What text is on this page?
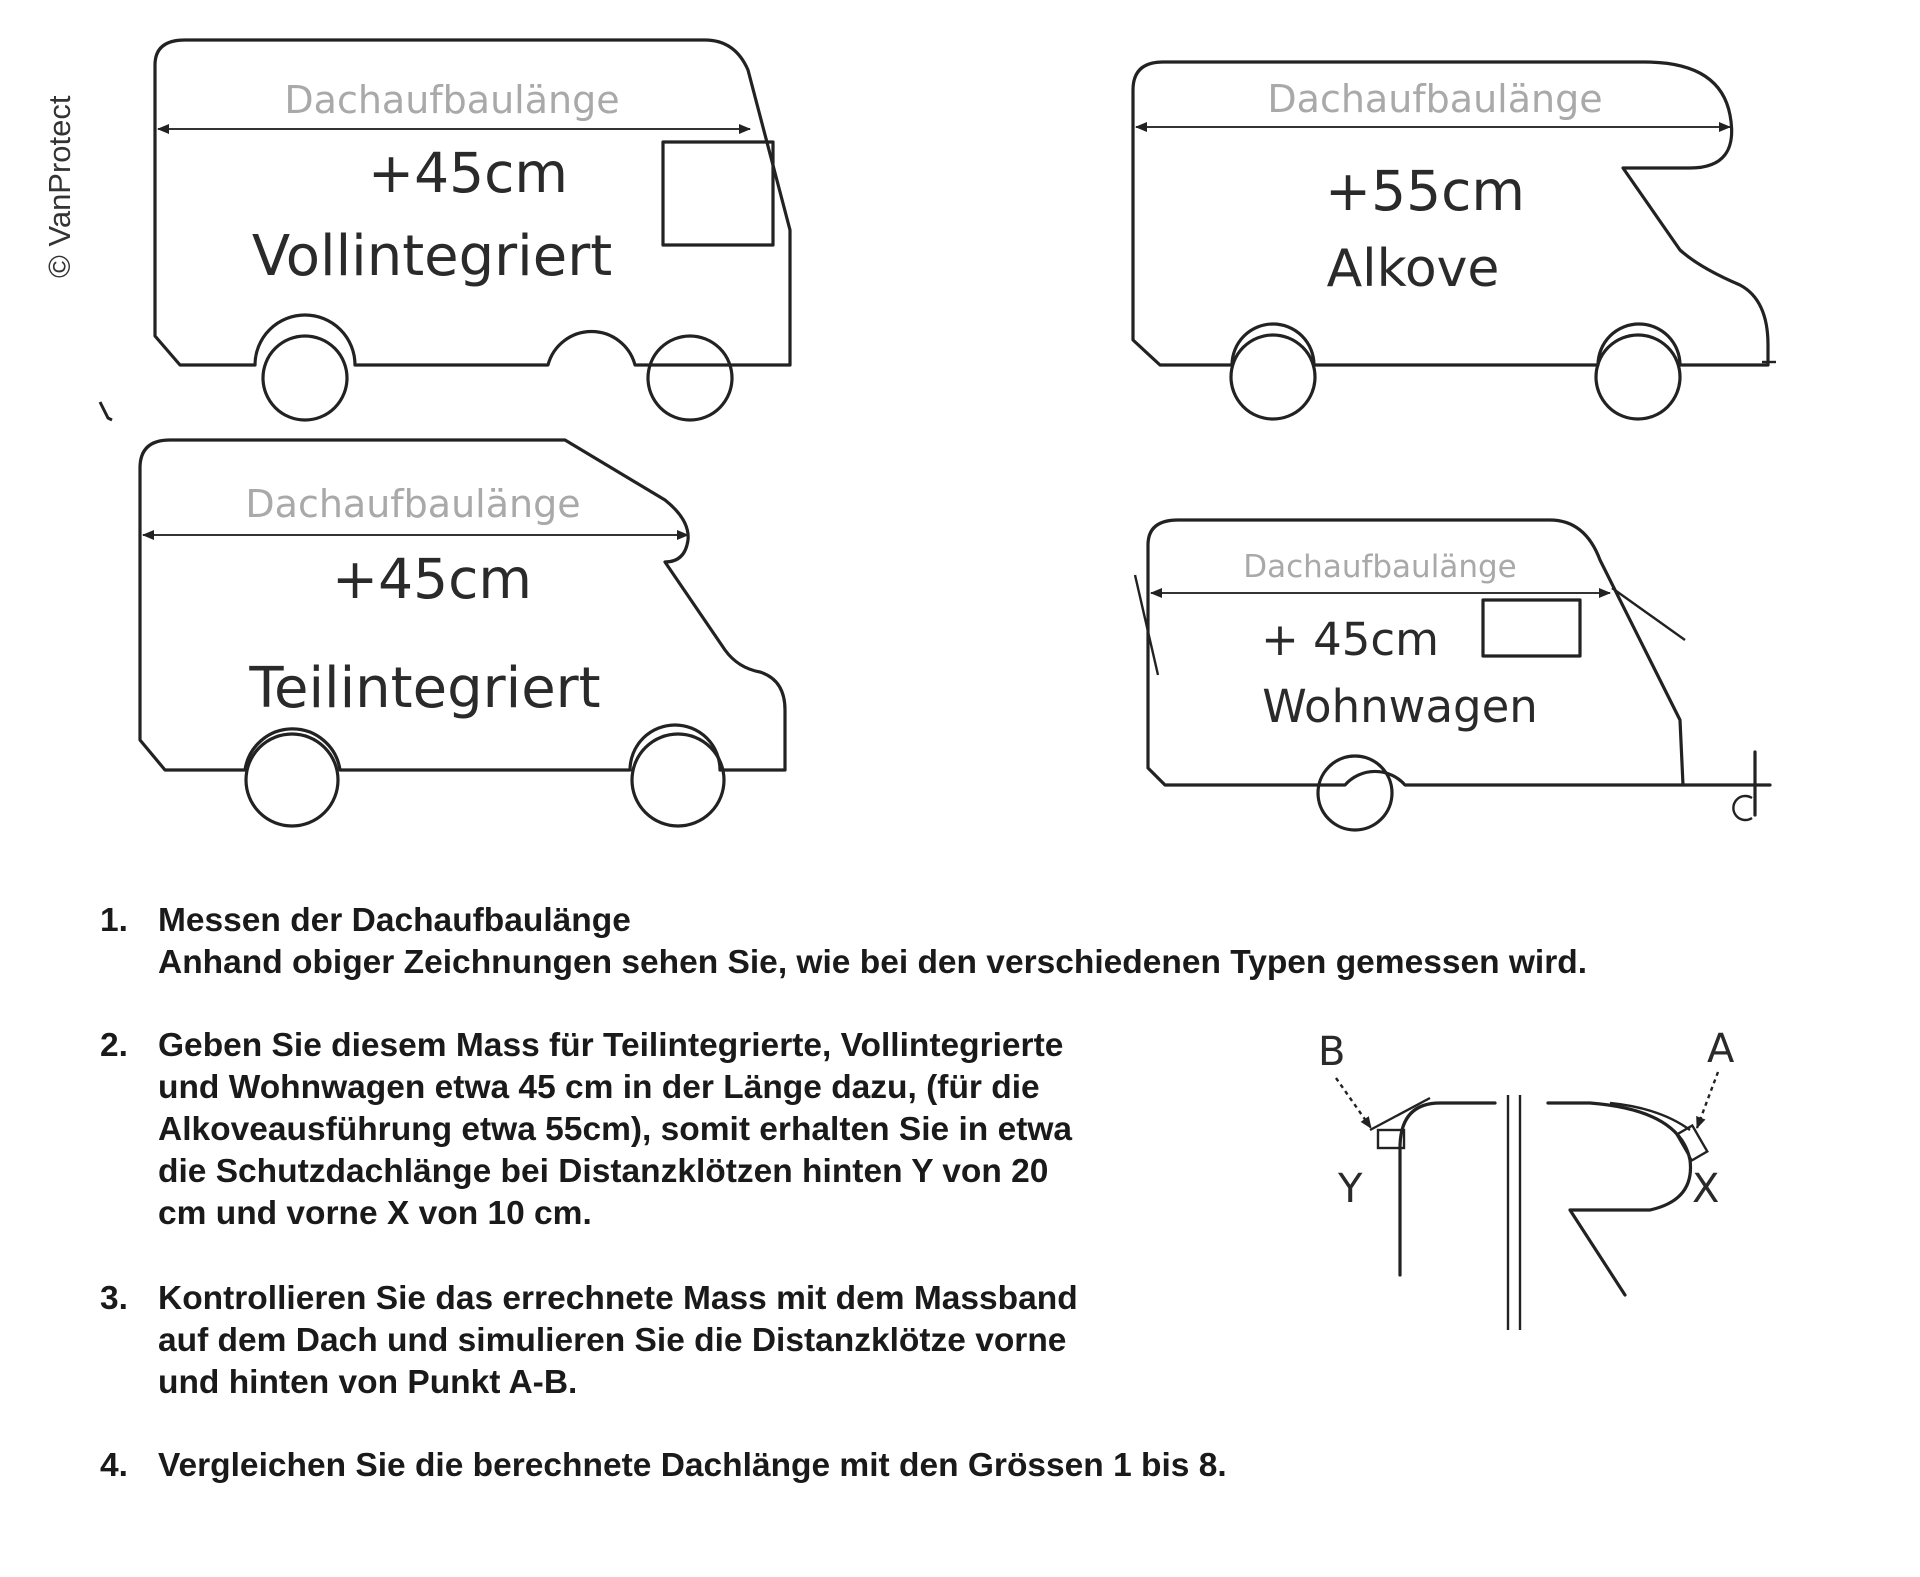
© VanProtect	Dachaufbaulänge
+45cm
Vollintegriert
Dachaufbaulänge
+55cm
Alkove
Dachaufbaulänge
+45cm
Teilintegriert
Dachaufbaulänge
+ 45cm
Wohnwagen
B
Y
A
X
1. Messen der Dachaufbaulänge
Anhand obiger Zeichnungen sehen Sie, wie bei den verschiedenen Typen gemessen wird.
2. Geben Sie diesem Mass für Teilintegrierte, Vollintegrierte
und Wohnwagen etwa 45 cm in der Länge dazu, (für die
Alkoveausführung etwa 55cm), somit erhalten Sie in etwa
die Schutzdachlänge bei Distanzklötzen hinten Y von 20
cm und vorne X von 10 cm.
3. Kontrollieren Sie das errechnete Mass mit dem Massband
auf dem Dach und simulieren Sie die Distanzklötze vorne
und hinten von Punkt A-B.
4. Vergleichen Sie die berechnete Dachlänge mit den Grössen 1 bis 8.
